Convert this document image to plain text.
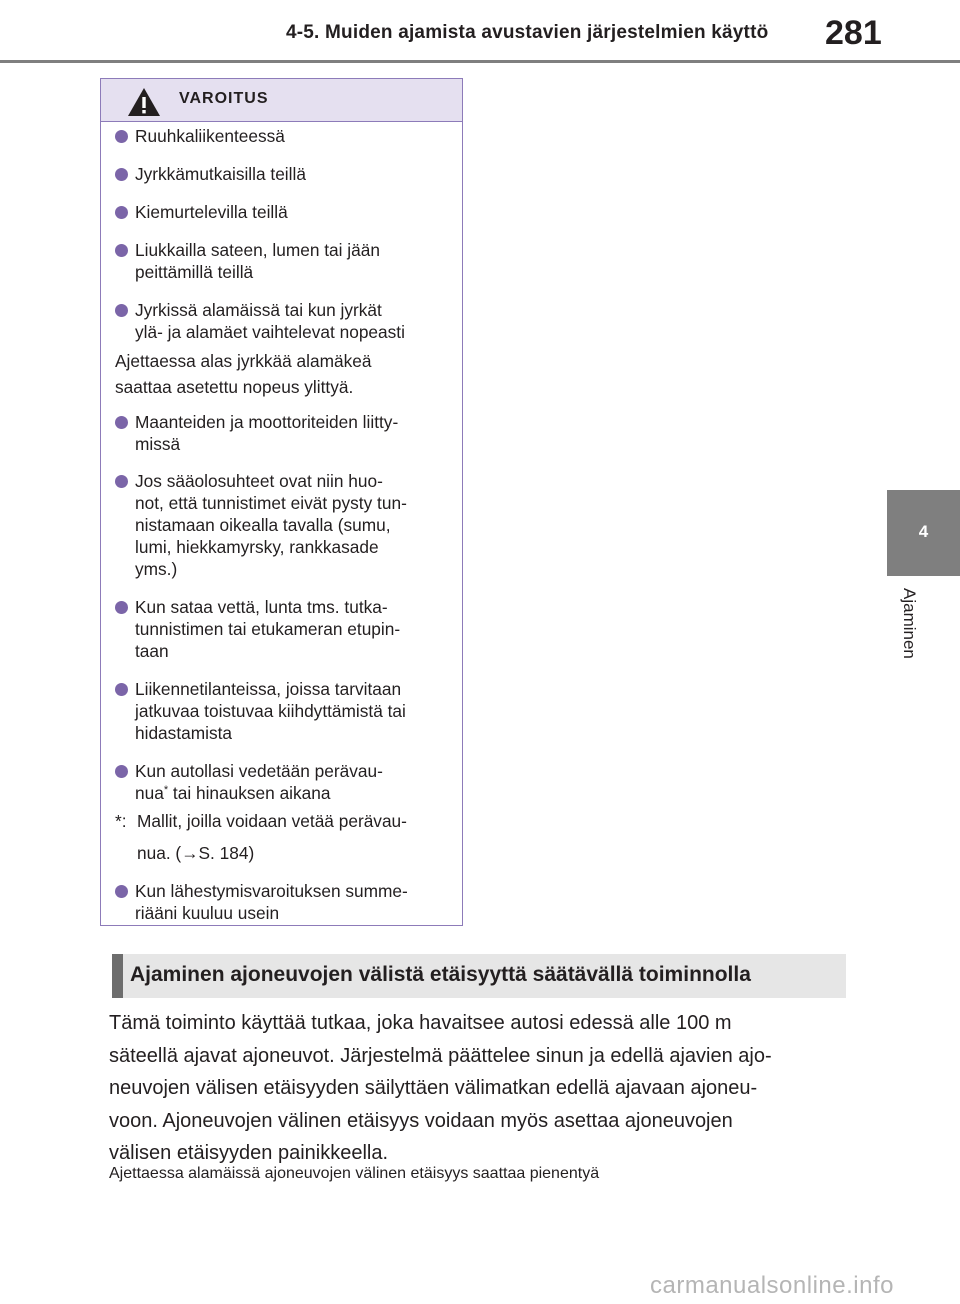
4-5. Muiden ajamista avustavien järjestelmien käyttö 281
4
Ajaminen
VAROITUS
Ruuhkaliikenteessä
Jyrkkämutkaisilla teillä
Kiemurtelevilla teillä
Liukkailla sateen, lumen tai jään
peittämillä teillä
Jyrkissä alamäissä tai kun jyrkät
ylä- ja alamäet vaihtelevat nopeasti
Ajettaessa alas jyrkkää alamäkeä
saattaa asetettu nopeus ylittyä.
Maanteiden ja moottoriteiden liitty-
missä
Jos sääolosuhteet ovat niin huo-
not, että tunnistimet eivät pysty tun-
nistamaan oikealla tavalla (sumu,
lumi, hiekkamyrsky, rankkasade
yms.)
Kun sataa vettä, lunta tms. tutka-
tunnistimen tai etukameran etupin-
taan
Liikennetilanteissa, joissa tarvitaan
jatkuvaa toistuvaa kiihdyttämistä tai
hidastamista
Kun autollasi vedetään perävau-
nua* tai hinauksen aikana
*: Mallit, joilla voidaan vetää perävau-
nua. (→S. 184)
Kun lähestymisvaroituksen summe-
riääni kuuluu usein
Ajaminen ajoneuvojen välistä etäisyyttä säätävällä toiminnolla
Tämä toiminto käyttää tutkaa, joka havaitsee autosi edessä alle 100 m
säteellä ajavat ajoneuvot. Järjestelmä päättelee sinun ja edellä ajavien ajo-
neuvojen välisen etäisyyden säilyttäen välimatkan edellä ajavaan ajoneu-
voon. Ajoneuvojen välinen etäisyys voidaan myös asettaa ajoneuvojen
välisen etäisyyden painikkeella.
Ajettaessa alamäissä ajoneuvojen välinen etäisyys saattaa pienentyä
carmanualsonline.info
